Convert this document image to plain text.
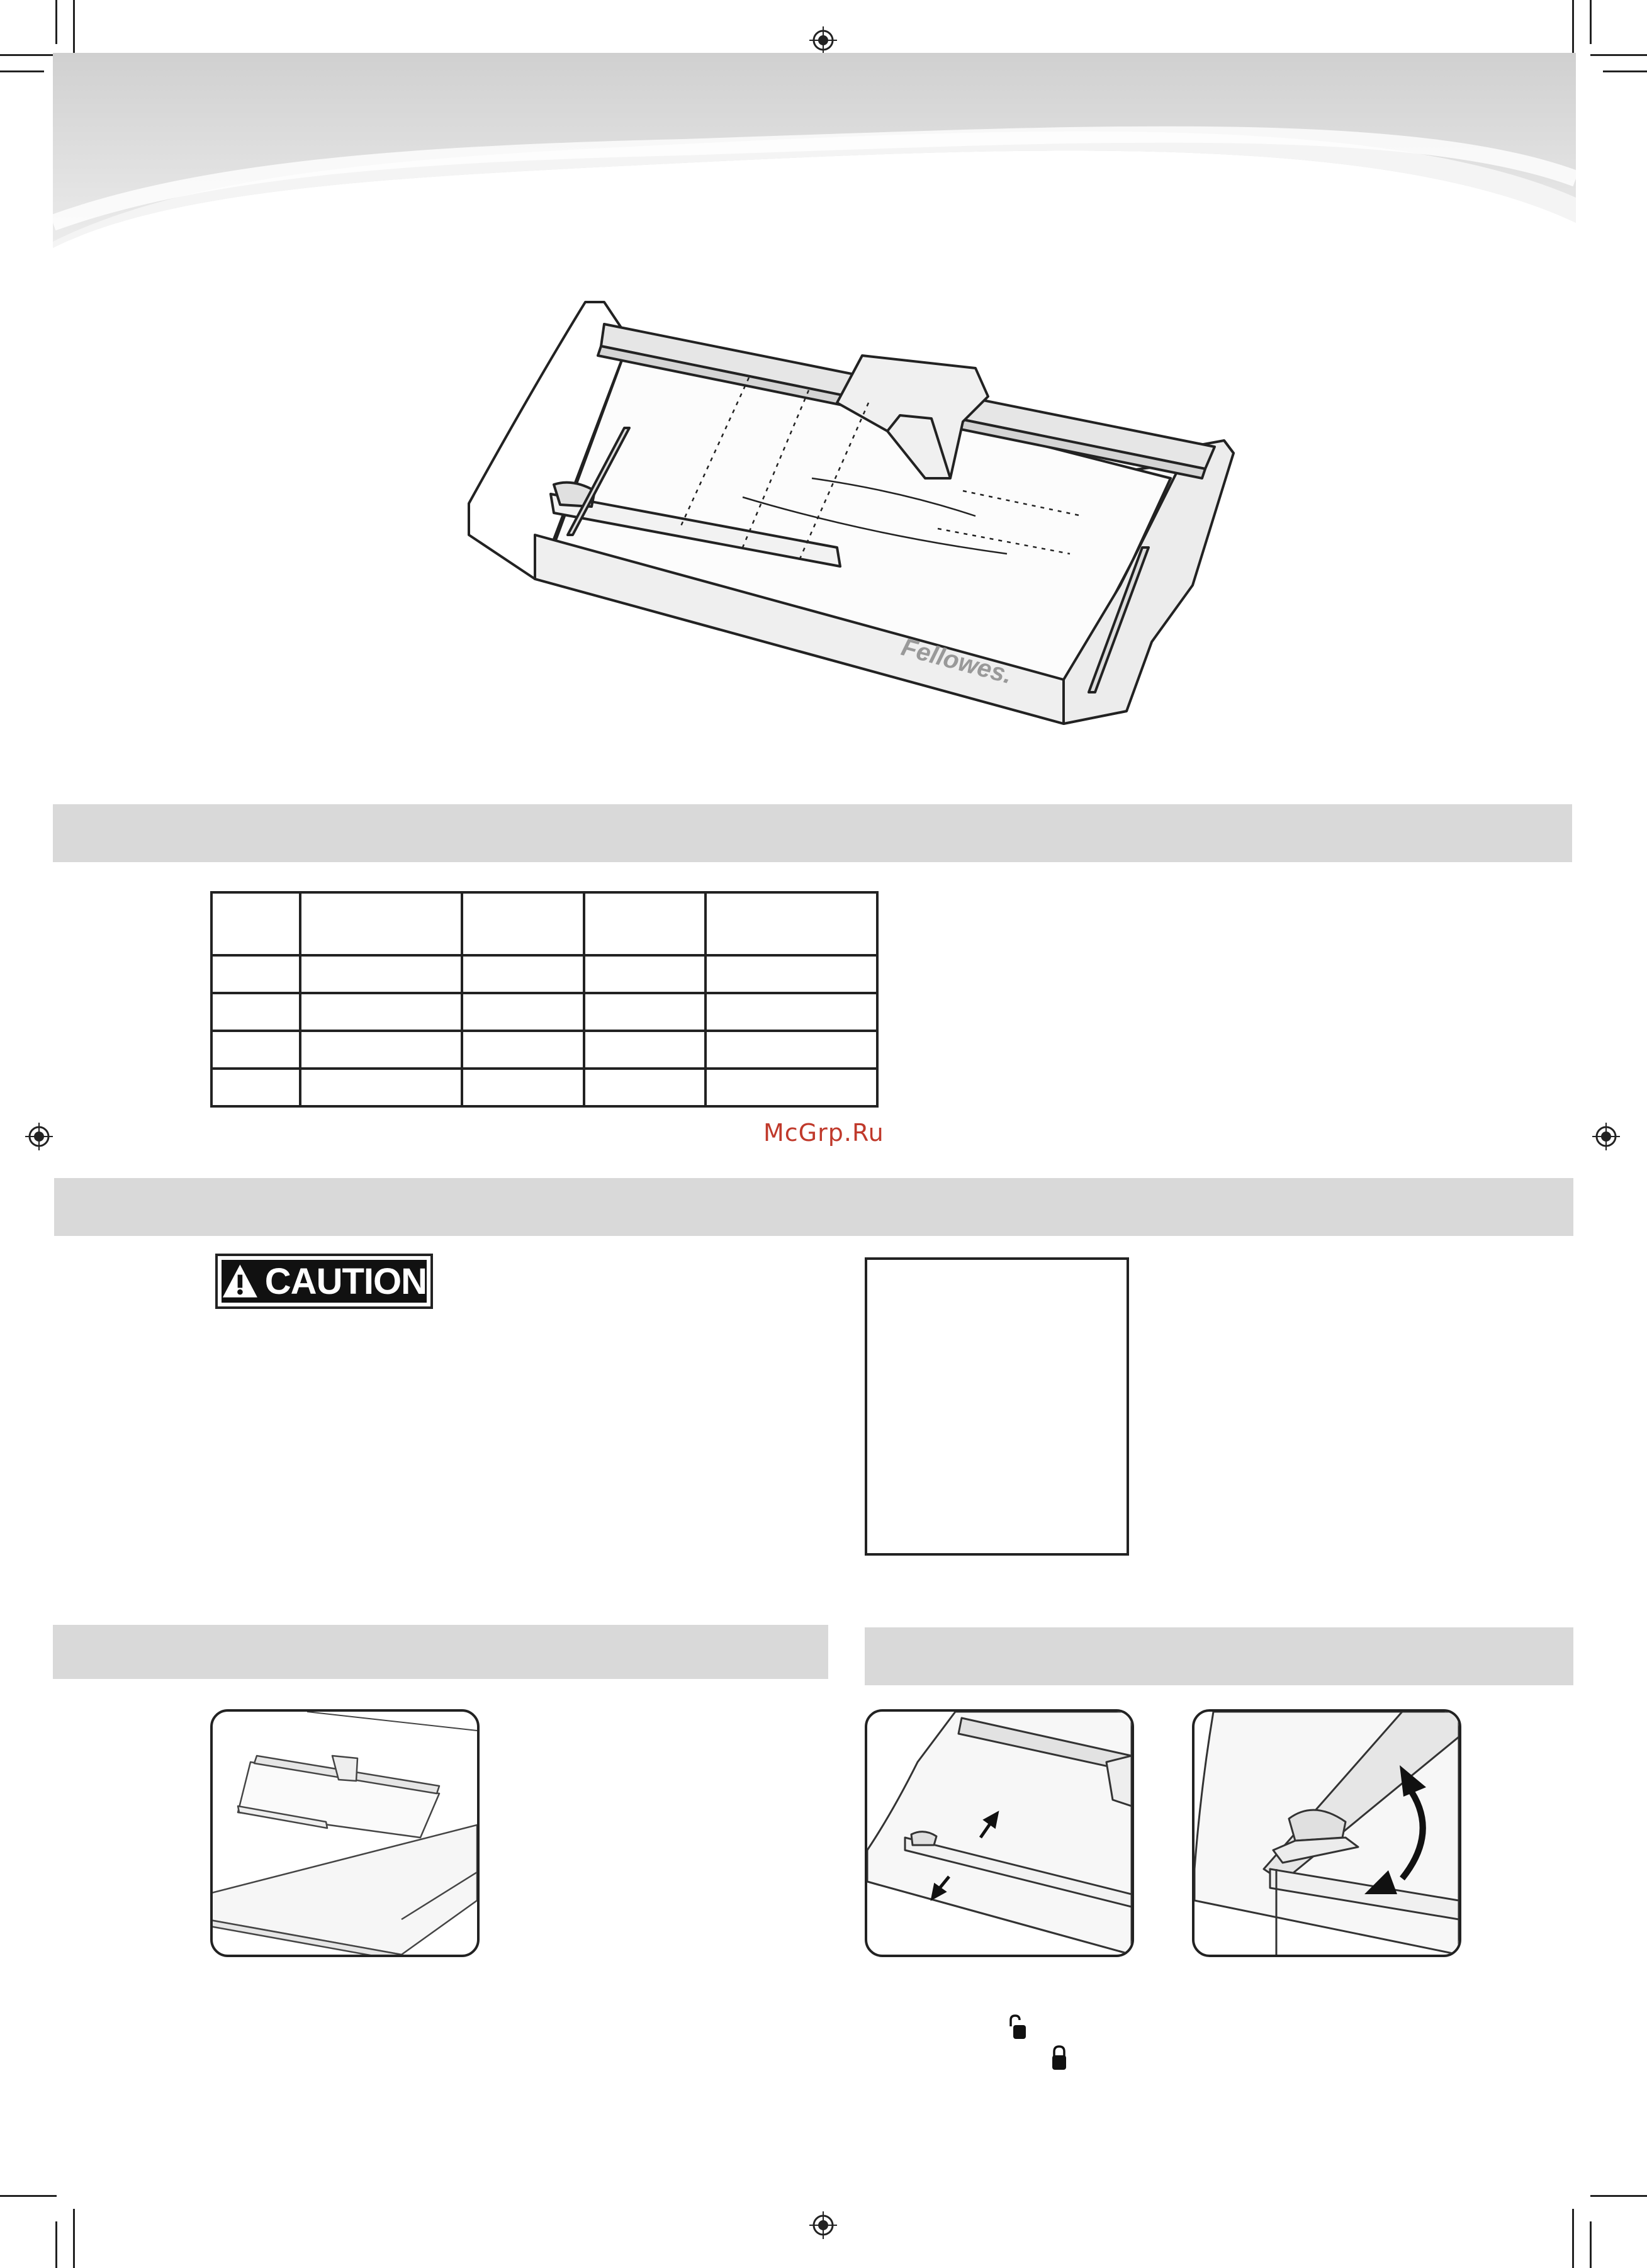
Fellowes.

McGrp.Ru
CAUTION
